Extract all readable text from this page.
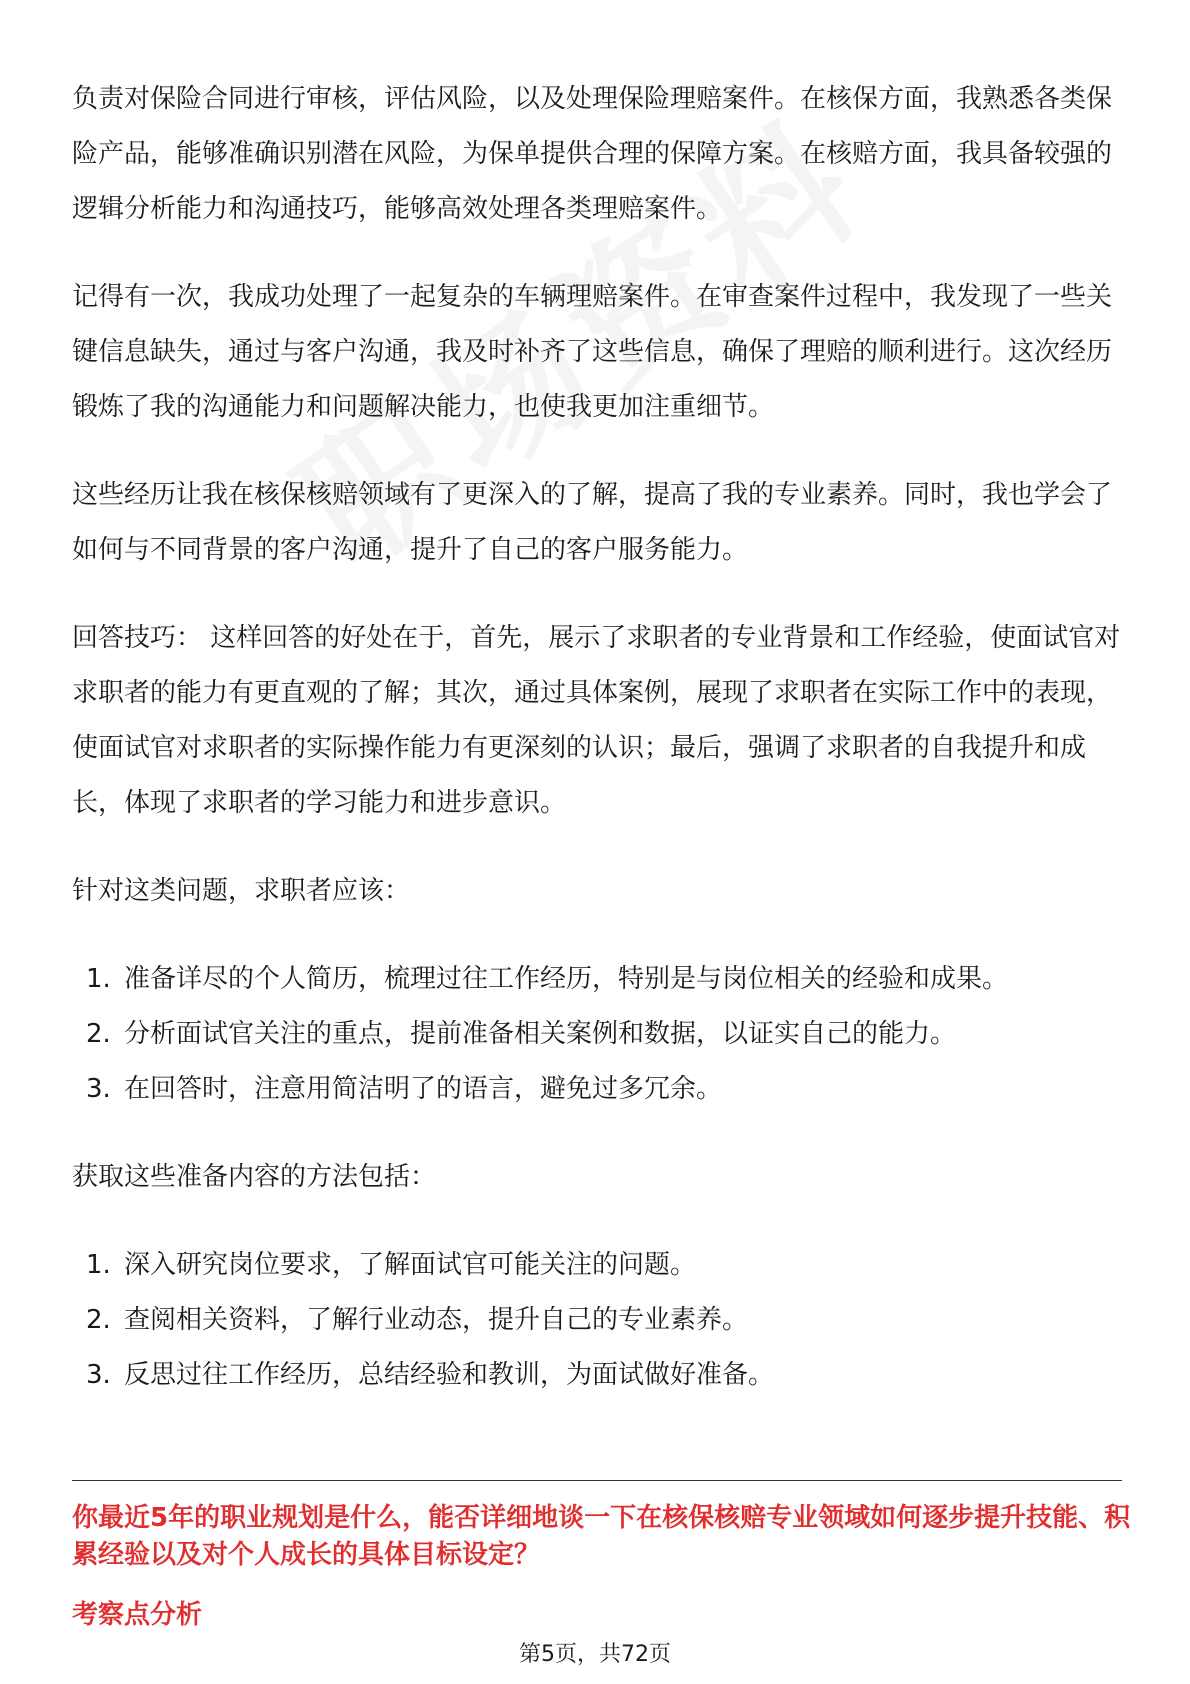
负责对保险合同进行审核，评估风险，以及处理保险理赔案件。在核保方面，我熟悉各类保险产品，能够准确识别潜在风险，为保单提供合理的保障方案。在核赔方面，我具备较强的逻辑分析能力和沟通技巧，能够高效处理各类理赔案件。

记得有一次，我成功处理了一起复杂的车辆理赔案件。在审查案件过程中，我发现了一些关键信息缺失，通过与客户沟通，我及时补齐了这些信息，确保了理赔的顺利进行。这次经历锻炼了我的沟通能力和问题解决能力，也使我更加注重细节。

这些经历让我在核保核赔领域有了更深入的了解，提高了我的专业素养。同时，我也学会了如何与不同背景的客户沟通，提升了自己的客户服务能力。

回答技巧： 这样回答的好处在于，首先，展示了求职者的专业背景和工作经验，使面试官对求职者的能力有更直观的了解；其次，通过具体案例，展现了求职者在实际工作中的表现，使面试官对求职者的实际操作能力有更深刻的认识；最后，强调了求职者的自我提升和成长，体现了求职者的学习能力和进步意识。

针对这类问题，求职者应该：

1. 准备详尽的个人简历，梳理过往工作经历，特别是与岗位相关的经验和成果。
2. 分析面试官关注的重点，提前准备相关案例和数据，以证实自己的能力。
3. 在回答时，注意用简洁明了的语言，避免过多冗余。

获取这些准备内容的方法包括：

1. 深入研究岗位要求，了解面试官可能关注的问题。
2. 查阅相关资料，了解行业动态，提升自己的专业素养。
3. 反思过往工作经历，总结经验和教训，为面试做好准备。
你最近5年的职业规划是什么，能否详细地谈一下在核保核赔专业领域如何逐步提升技能、积累经验以及对个人成长的具体目标设定？
考察点分析
第5页，共72页
